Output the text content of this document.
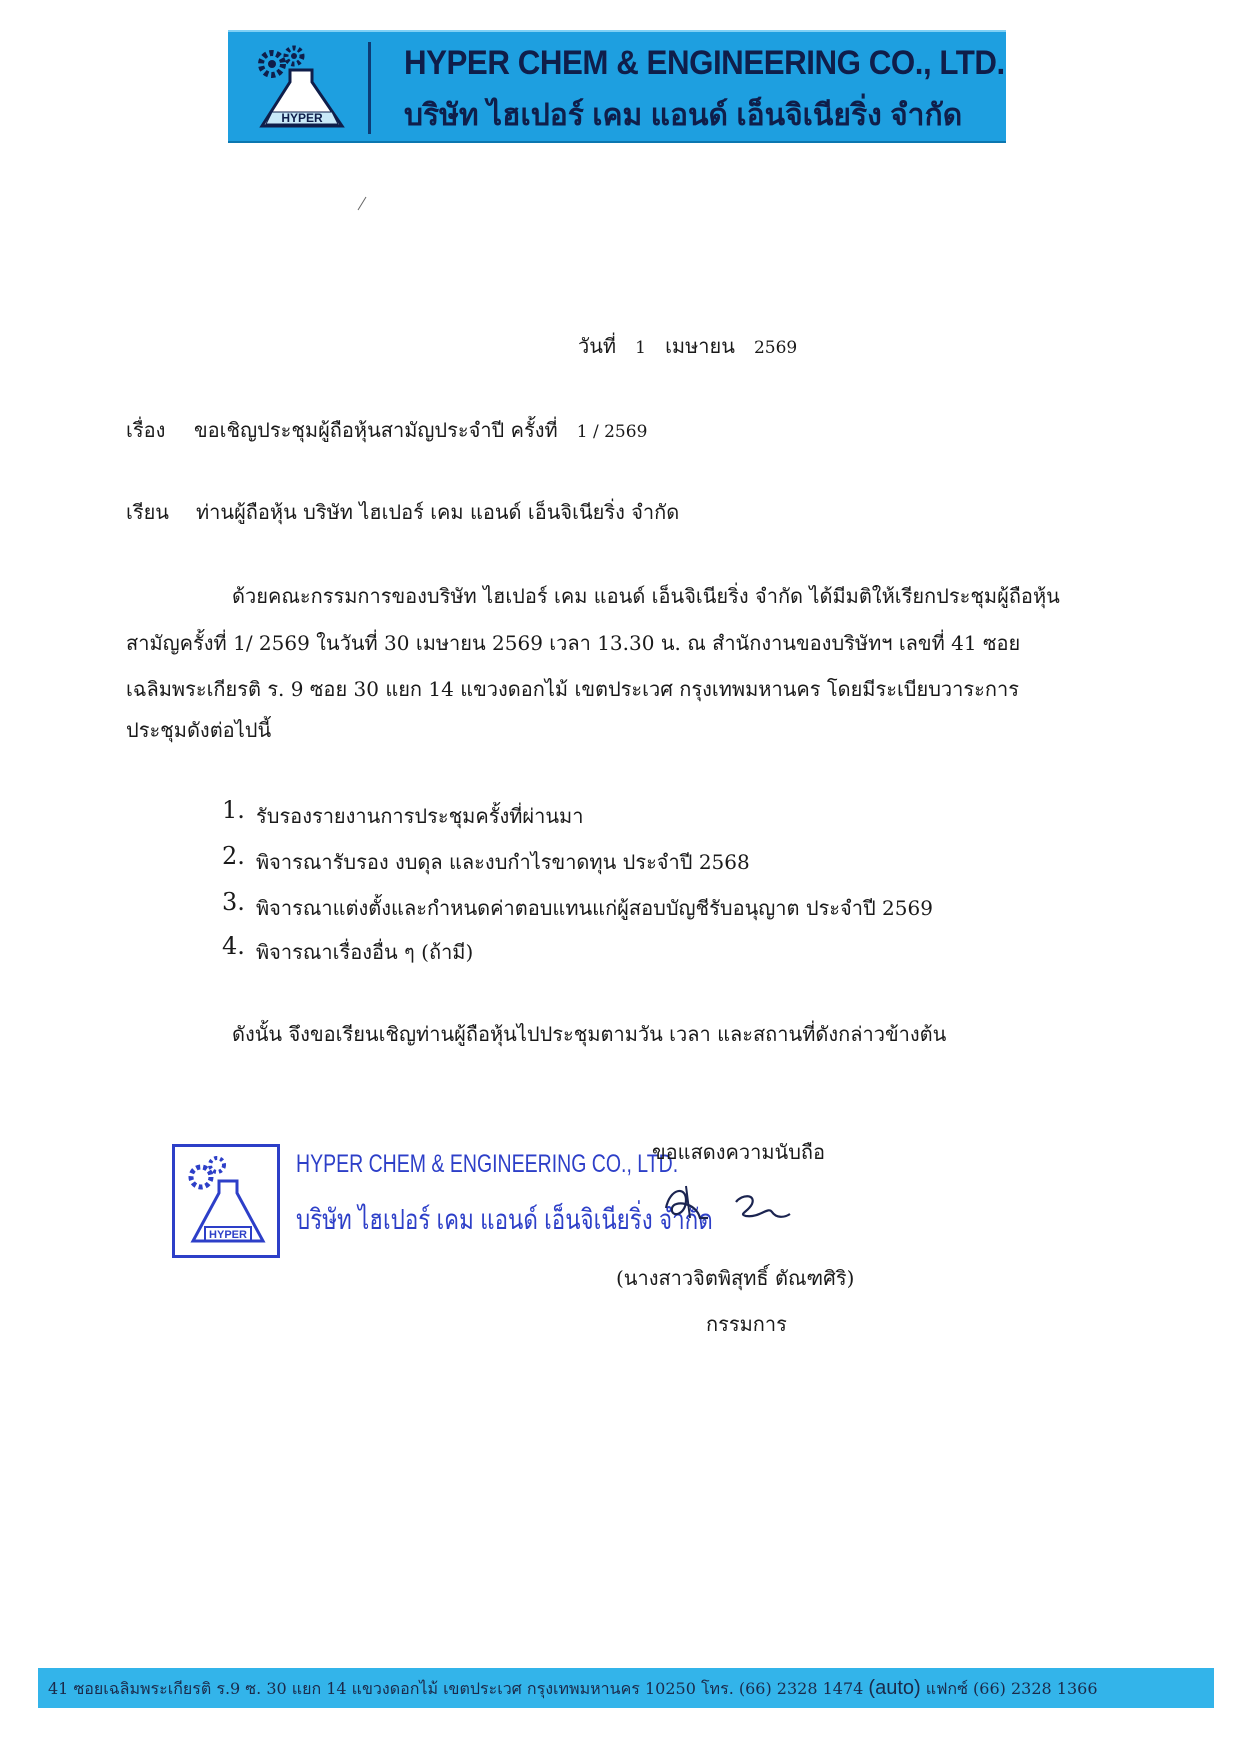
HYPER
HYPER CHEM & ENGINEERING CO., LTD.
บริษัท ไฮเปอร์ เคม แอนด์ เอ็นจิเนียริ่ง จำกัด
วันที่ 1 เมษายน 2569
เรื่อง ขอเชิญประชุมผู้ถือหุ้นสามัญประจำปี ครั้งที่ 1 / 2569
เรียน ท่านผู้ถือหุ้น บริษัท ไฮเปอร์ เคม แอนด์ เอ็นจิเนียริ่ง จำกัด
ด้วยคณะกรรมการของบริษัท ไฮเปอร์ เคม แอนด์ เอ็นจิเนียริ่ง จำกัด ได้มีมติให้เรียกประชุมผู้ถือหุ้น
สามัญครั้งที่ 1/ 2569 ในวันที่ 30 เมษายน 2569 เวลา 13.30 น. ณ สำนักงานของบริษัทฯ เลขที่ 41 ซอย
เฉลิมพระเกียรติ ร. 9 ซอย 30 แยก 14 แขวงดอกไม้ เขตประเวศ กรุงเทพมหานคร โดยมีระเบียบวาระการ
ประชุมดังต่อไปนี้
1. รับรองรายงานการประชุมครั้งที่ผ่านมา
2. พิจารณารับรอง งบดุล และงบกำไรขาดทุน ประจำปี 2568
3. พิจารณาแต่งตั้งและกำหนดค่าตอบแทนแก่ผู้สอบบัญชีรับอนุญาต ประจำปี 2569
4. พิจารณาเรื่องอื่น ๆ (ถ้ามี)
ดังนั้น จึงขอเรียนเชิญท่านผู้ถือหุ้นไปประชุมตามวัน เวลา และสถานที่ดังกล่าวข้างต้น
HYPER
HYPER CHEM & ENGINEERING CO., LTD.
บริษัท ไฮเปอร์ เคม แอนด์ เอ็นจิเนียริ่ง จำกัด
ขอแสดงความนับถือ
(นางสาวจิตพิสุทธิ์ ตัณฑศิริ)
กรรมการ
41 ซอยเฉลิมพระเกียรติ ร.9 ซ. 30 แยก 14 แขวงดอกไม้ เขตประเวศ กรุงเทพมหานคร 10250 โทร. (66) 2328 1474 (auto) แฟกซ์ (66) 2328 1366
